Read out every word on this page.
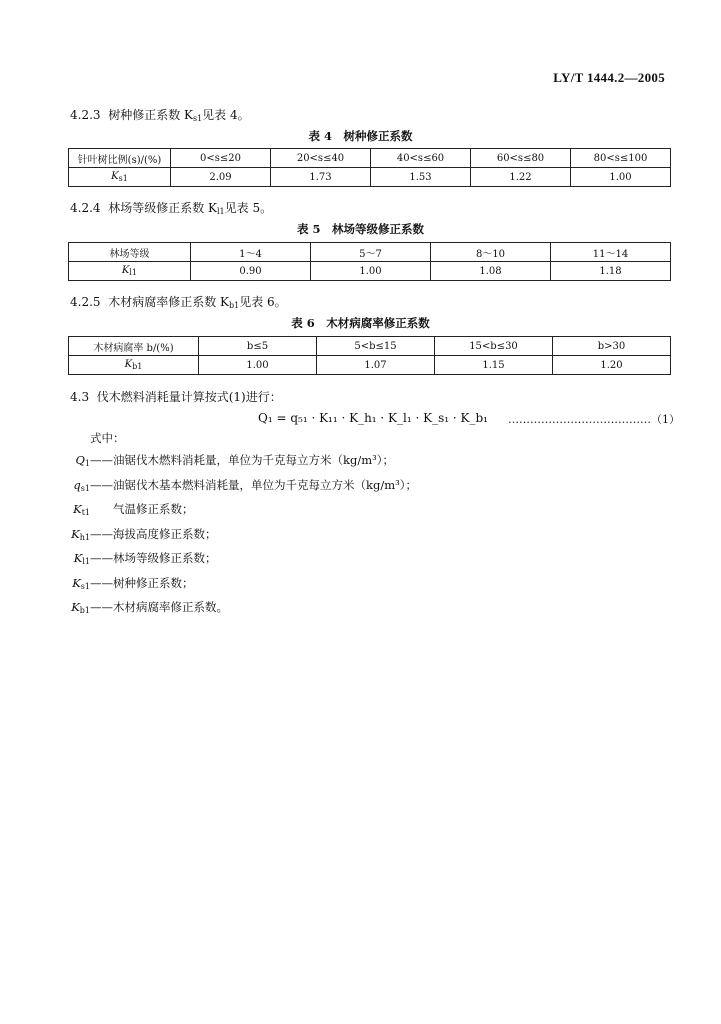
LY/T 1444.2—2005
4.2.3 树种修正系数 $K_{s1}$见表 4。
表 4　树种修正系数
针叶树比例(s)/(%)	0<s≤20	20<s≤40	40<s≤60	60<s≤80	80<s≤100
$K_{s1}$	2.09	1.73	1.53	1.22	1.00
4.2.4 林场等级修正系数 $K_{l1}$见表 5。
表 5　林场等级修正系数
林场等级	1～4	5～7	8～10	11～14
$K_{l1}$	0.90	1.00	1.08	1.18
4.2.5 木材病腐率修正系数 $K_{b1}$见表 6。
表 6　木材病腐率修正系数
木材病腐率 b/(%)	b≤5	5<b≤15	15<b≤30	b>30
$K_{b1}$	1.00	1.07	1.15	1.20
4.3 伐木燃料消耗量计算按式(1)进行：
Q₁ = q₅₁ · K₁₁ · K_h₁ · K_l₁ · K_s₁ · K_b₁ …………………………………（1）
式中：
$Q_1$ ——油锯伐木燃料消耗量，单位为千克每立方米（kg/m³）；
$q_{s1}$ ——油锯伐木基本燃料消耗量，单位为千克每立方米（kg/m³）；
$K_{t1}$ 　　气温修正系数；
$K_{h1}$ ——海拔高度修正系数；
$K_{l1}$ ——林场等级修正系数；
$K_{s1}$ ——树种修正系数；
$K_{b1}$ ——木材病腐率修正系数。
